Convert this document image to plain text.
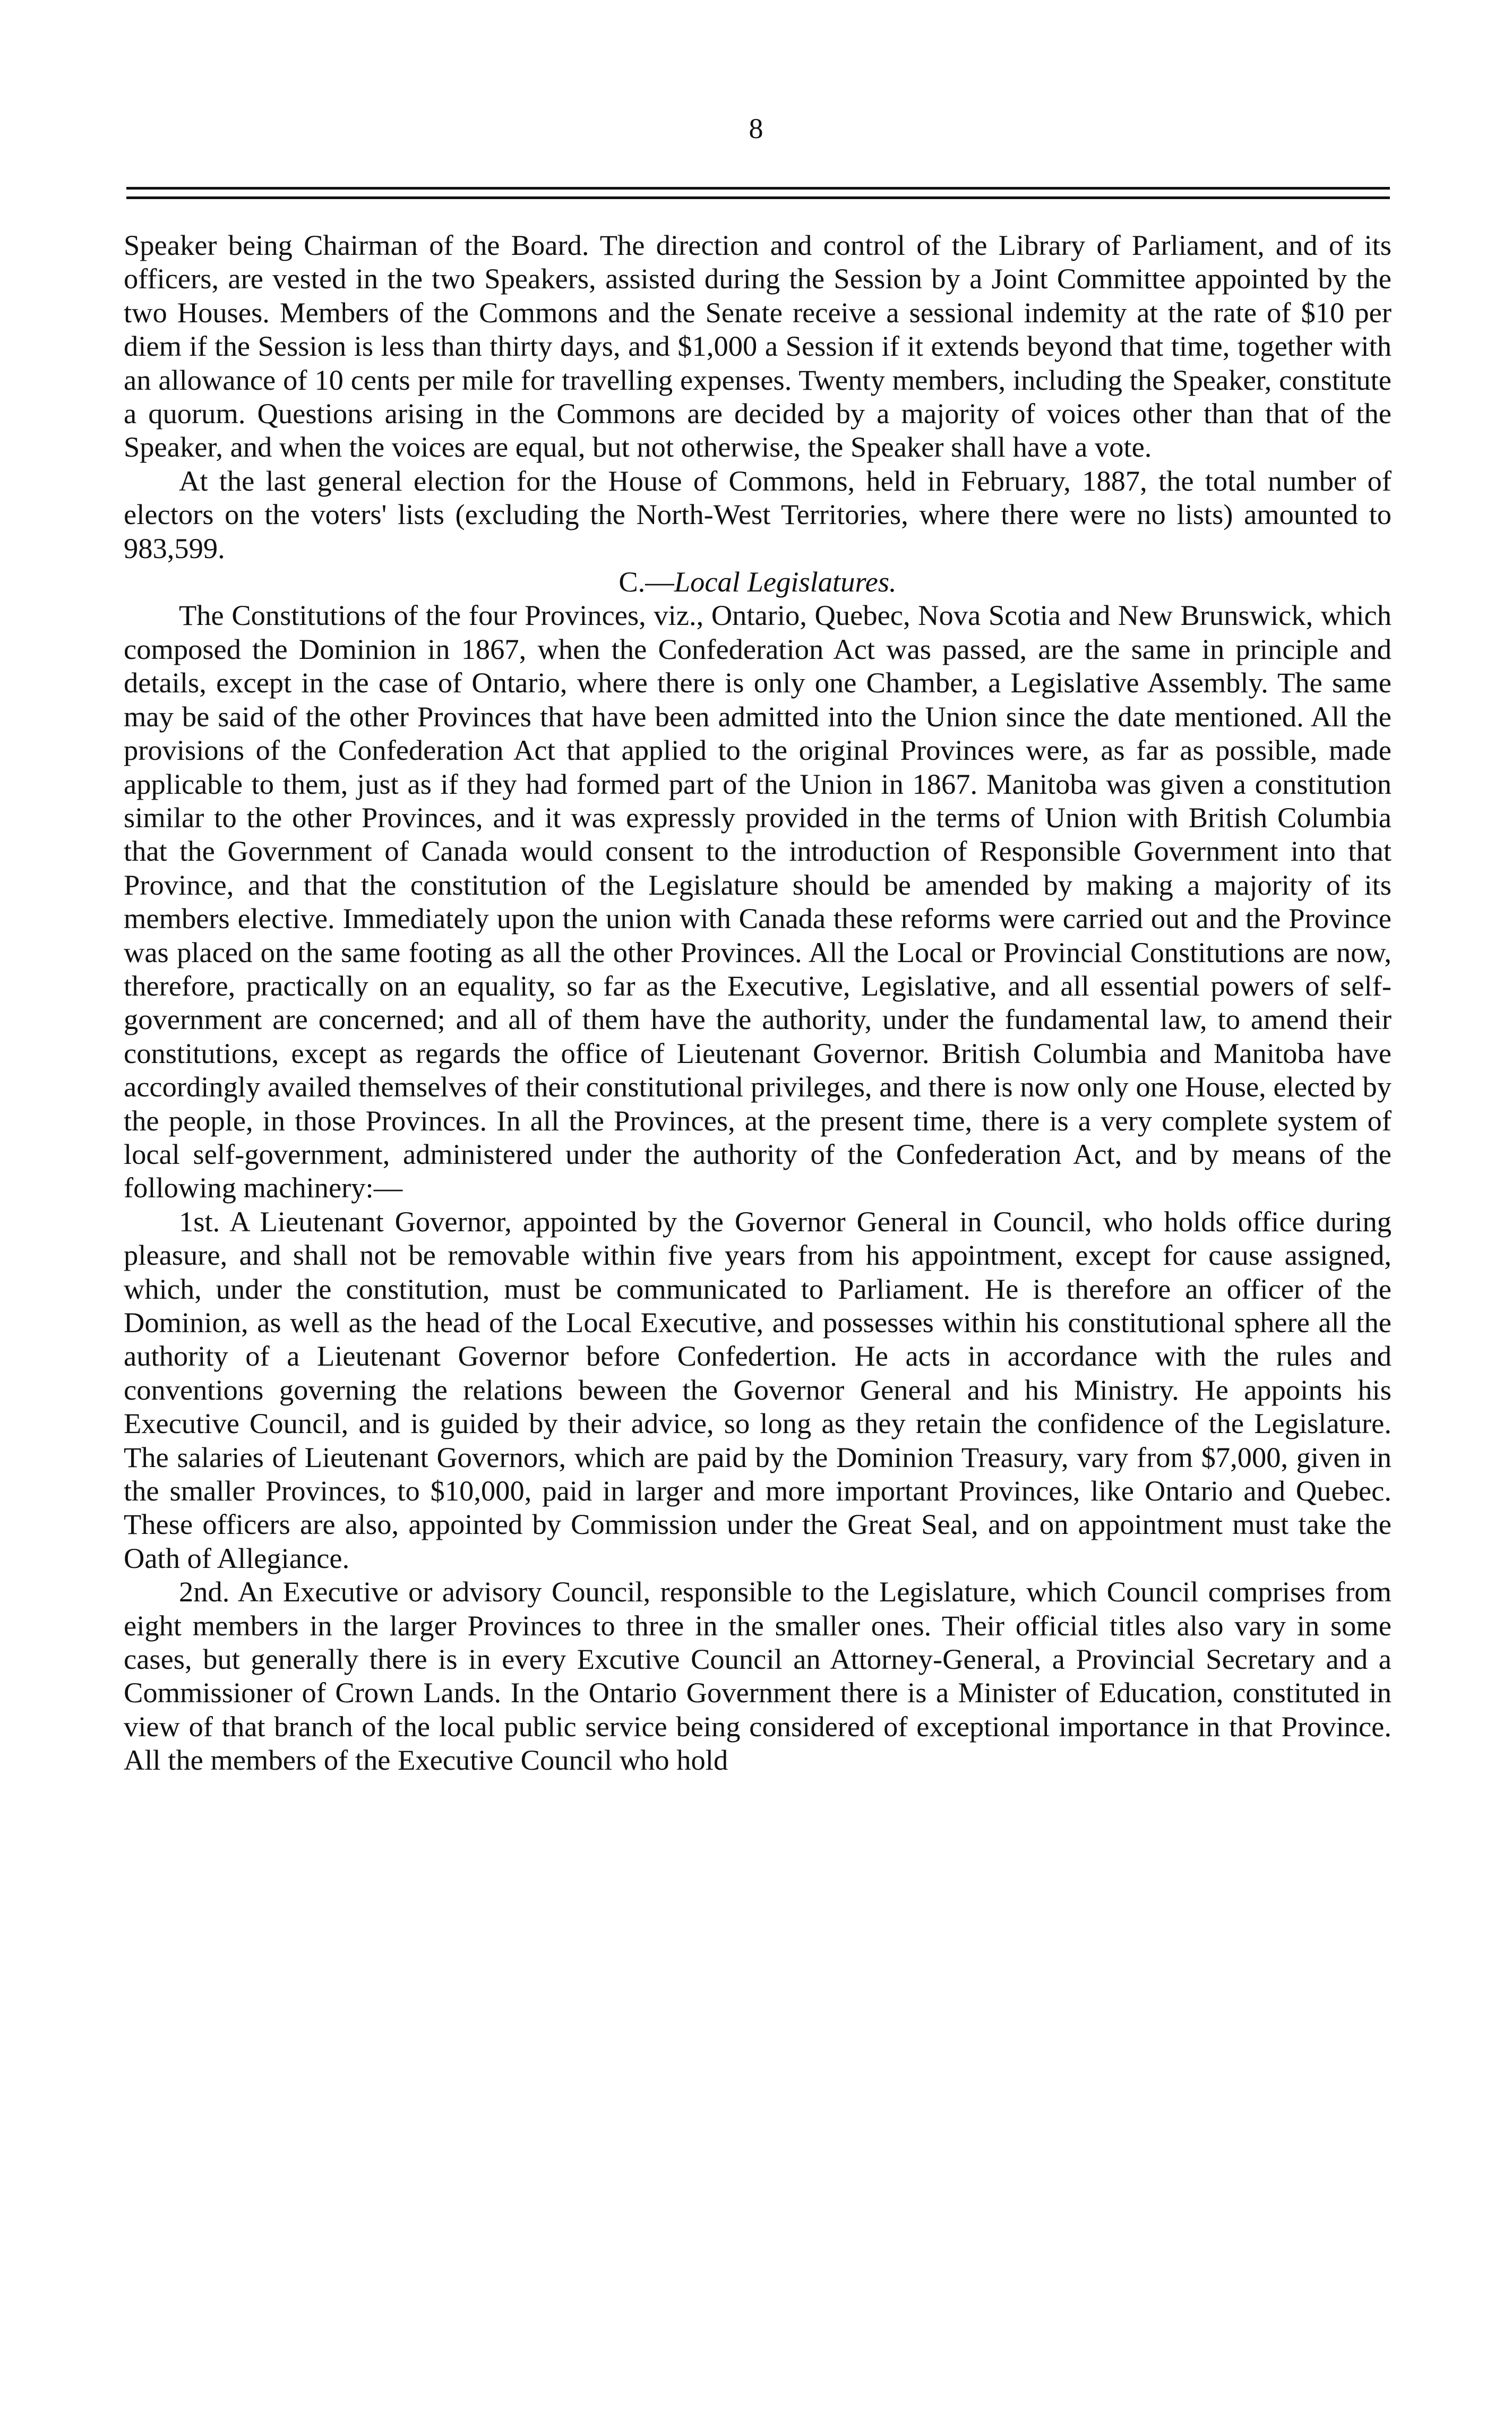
8

Speaker being Chairman of the Board. The direction and control of the Library of Parliament, and of its officers, are vested in the two Speakers, assisted during the Session by a Joint Committee appointed by the two Houses. Members of the Commons and the Senate receive a sessional indemity at the rate of $10 per diem if the Session is less than thirty days, and $1,000 a Session if it extends beyond that time, together with an allowance of 10 cents per mile for travelling expenses. Twenty members, including the Speaker, constitute a quorum. Questions arising in the Commons are decided by a majority of voices other than that of the Speaker, and when the voices are equal, but not otherwise, the Speaker shall have a vote.

At the last general election for the House of Commons, held in February, 1887, the total number of electors on the voters' lists (excluding the North-West Territories, where there were no lists) amounted to 983,599.

C.—Local Legislatures.

The Constitutions of the four Provinces, viz., Ontario, Quebec, Nova Scotia and New Brunswick, which composed the Dominion in 1867, when the Confederation Act was passed, are the same in principle and details, except in the case of Ontario, where there is only one Chamber, a Legislative Assembly. The same may be said of the other Provinces that have been admitted into the Union since the date mentioned. All the provisions of the Confederation Act that applied to the original Provinces were, as far as possible, made applicable to them, just as if they had formed part of the Union in 1867. Manitoba was given a constitution similar to the other Provinces, and it was expressly provided in the terms of Union with British Columbia that the Government of Canada would consent to the introduction of Responsible Government into that Province, and that the constitution of the Legislature should be amended by making a majority of its members elective. Immediately upon the union with Canada these reforms were carried out and the Province was placed on the same footing as all the other Provinces. All the Local or Provincial Constitutions are now, therefore, practically on an equality, so far as the Executive, Legislative, and all essential powers of self-government are concerned; and all of them have the authority, under the fundamental law, to amend their constitutions, except as regards the office of Lieutenant Governor. British Columbia and Manitoba have accordingly availed themselves of their constitutional privileges, and there is now only one House, elected by the people, in those Provinces. In all the Provinces, at the present time, there is a very complete system of local self-government, administered under the authority of the Confederation Act, and by means of the following machinery:—

1st. A Lieutenant Governor, appointed by the Governor General in Council, who holds office during pleasure, and shall not be removable within five years from his appointment, except for cause assigned, which, under the constitution, must be communicated to Parliament. He is therefore an officer of the Dominion, as well as the head of the Local Executive, and possesses within his constitutional sphere all the authority of a Lieutenant Governor before Confedertion. He acts in accordance with the rules and conventions governing the relations beween the Governor General and his Ministry. He appoints his Executive Council, and is guided by their advice, so long as they retain the confidence of the Legislature. The salaries of Lieutenant Governors, which are paid by the Dominion Treasury, vary from $7,000, given in the smaller Provinces, to $10,000, paid in larger and more important Provinces, like Ontario and Quebec. These officers are also, appointed by Commission under the Great Seal, and on appointment must take the Oath of Allegiance.

2nd. An Executive or advisory Council, responsible to the Legislature, which Council comprises from eight members in the larger Provinces to three in the smaller ones. Their official titles also vary in some cases, but generally there is in every Excutive Council an Attorney-General, a Provincial Secretary and a Commissioner of Crown Lands. In the Ontario Government there is a Minister of Education, constituted in view of that branch of the local public service being considered of exceptional importance in that Province. All the members of the Executive Council who hold
